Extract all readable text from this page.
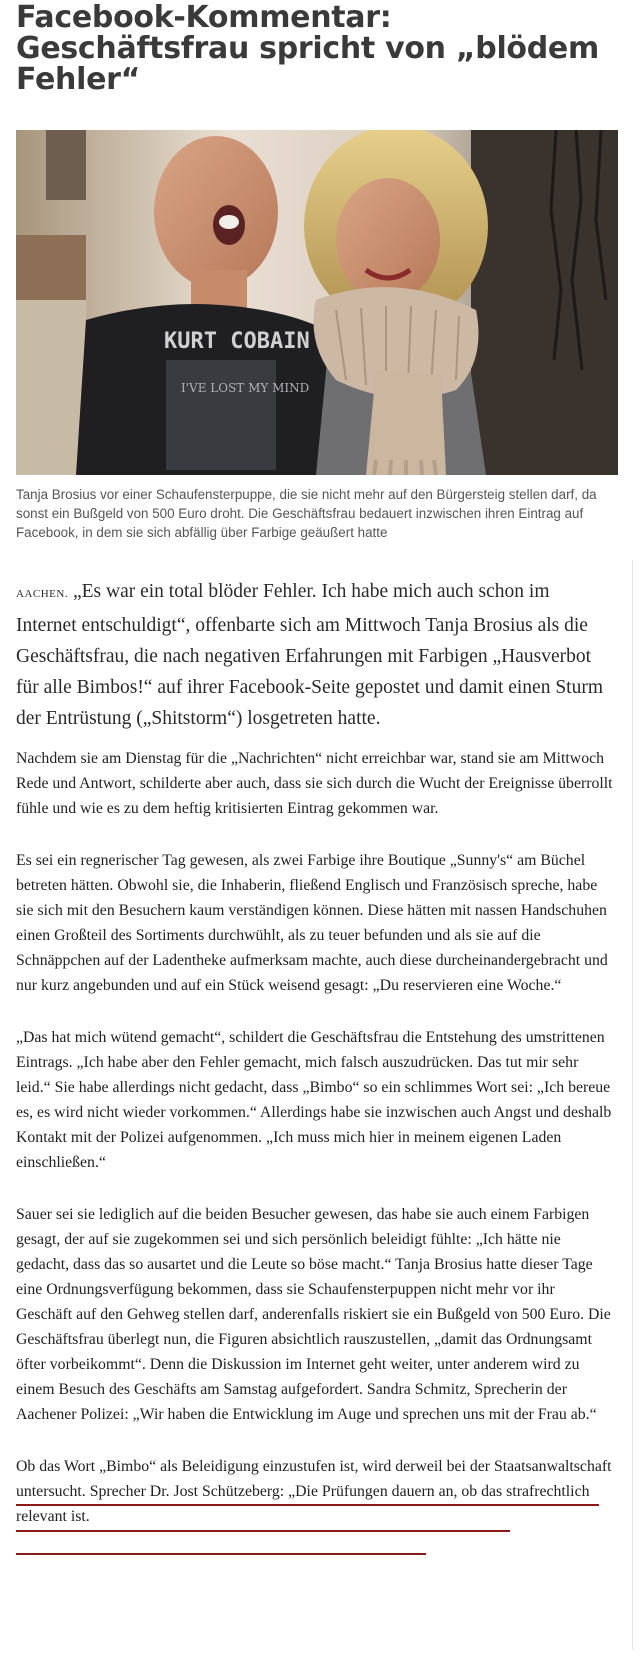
Facebook-Kommentar: Geschäftsfrau spricht von „blödem Fehler“
KURT COBAIN
I'VE LOST MY MIND
Tanja Brosius vor einer Schaufensterpuppe, die sie nicht mehr auf den Bürgersteig stellen darf, da sonst ein Bußgeld von 500 Euro droht. Die Geschäftsfrau bedauert inzwischen ihren Eintrag auf Facebook, in dem sie sich abfällig über Farbige geäußert hatte

AACHEN. „Es war ein total blöder Fehler. Ich habe mich auch schon im Internet entschuldigt“, offenbarte sich am Mittwoch Tanja Brosius als die Geschäftsfrau, die nach negativen Erfahrungen mit Farbigen „Hausverbot für alle Bimbos!“ auf ihrer Facebook-Seite gepostet und damit einen Sturm der Entrüstung („Shitstorm“) losgetreten hatte.

Nachdem sie am Dienstag für die „Nachrichten“ nicht erreichbar war, stand sie am Mittwoch Rede und Antwort, schilderte aber auch, dass sie sich durch die Wucht der Ereignisse überrollt fühle und wie es zu dem heftig kritisierten Eintrag gekommen war.

Es sei ein regnerischer Tag gewesen, als zwei Farbige ihre Boutique „Sunny's“ am Büchel betreten hätten. Obwohl sie, die Inhaberin, fließend Englisch und Französisch spreche, habe sie sich mit den Besuchern kaum verständigen können. Diese hätten mit nassen Handschuhen einen Großteil des Sortiments durchwühlt, als zu teuer befunden und als sie auf die Schnäppchen auf der Ladentheke aufmerksam machte, auch diese durcheinandergebracht und nur kurz angebunden und auf ein Stück weisend gesagt: „Du reservieren eine Woche.“

„Das hat mich wütend gemacht“, schildert die Geschäftsfrau die Entstehung des umstrittenen Eintrags. „Ich habe aber den Fehler gemacht, mich falsch auszudrücken. Das tut mir sehr leid.“ Sie habe allerdings nicht gedacht, dass „Bimbo“ so ein schlimmes Wort sei: „Ich bereue es, es wird nicht wieder vorkommen.“ Allerdings habe sie inzwischen auch Angst und deshalb Kontakt mit der Polizei aufgenommen. „Ich muss mich hier in meinem eigenen Laden einschließen.“

Sauer sei sie lediglich auf die beiden Besucher gewesen, das habe sie auch einem Farbigen gesagt, der auf sie zugekommen sei und sich persönlich beleidigt fühlte: „Ich hätte nie gedacht, dass das so ausartet und die Leute so böse macht.“ Tanja Brosius hatte dieser Tage eine Ordnungsverfügung bekommen, dass sie Schaufensterpuppen nicht mehr vor ihr Geschäft auf den Gehweg stellen darf, anderenfalls riskiert sie ein Bußgeld von 500 Euro. Die Geschäftsfrau überlegt nun, die Figuren absichtlich rauszustellen, „damit das Ordnungsamt öfter vorbeikommt“. Denn die Diskussion im Internet geht weiter, unter anderem wird zu einem Besuch des Geschäfts am Samstag aufgefordert. Sandra Schmitz, Sprecherin der Aachener Polizei: „Wir haben die Entwicklung im Auge und sprechen uns mit der Frau ab.“

Ob das Wort „Bimbo“ als Beleidigung einzustufen ist, wird derweil bei der Staatsanwaltschaft untersucht. Sprecher Dr. Jost Schützeberg: „Die Prüfungen dauern an, ob das strafrechtlich relevant ist.
